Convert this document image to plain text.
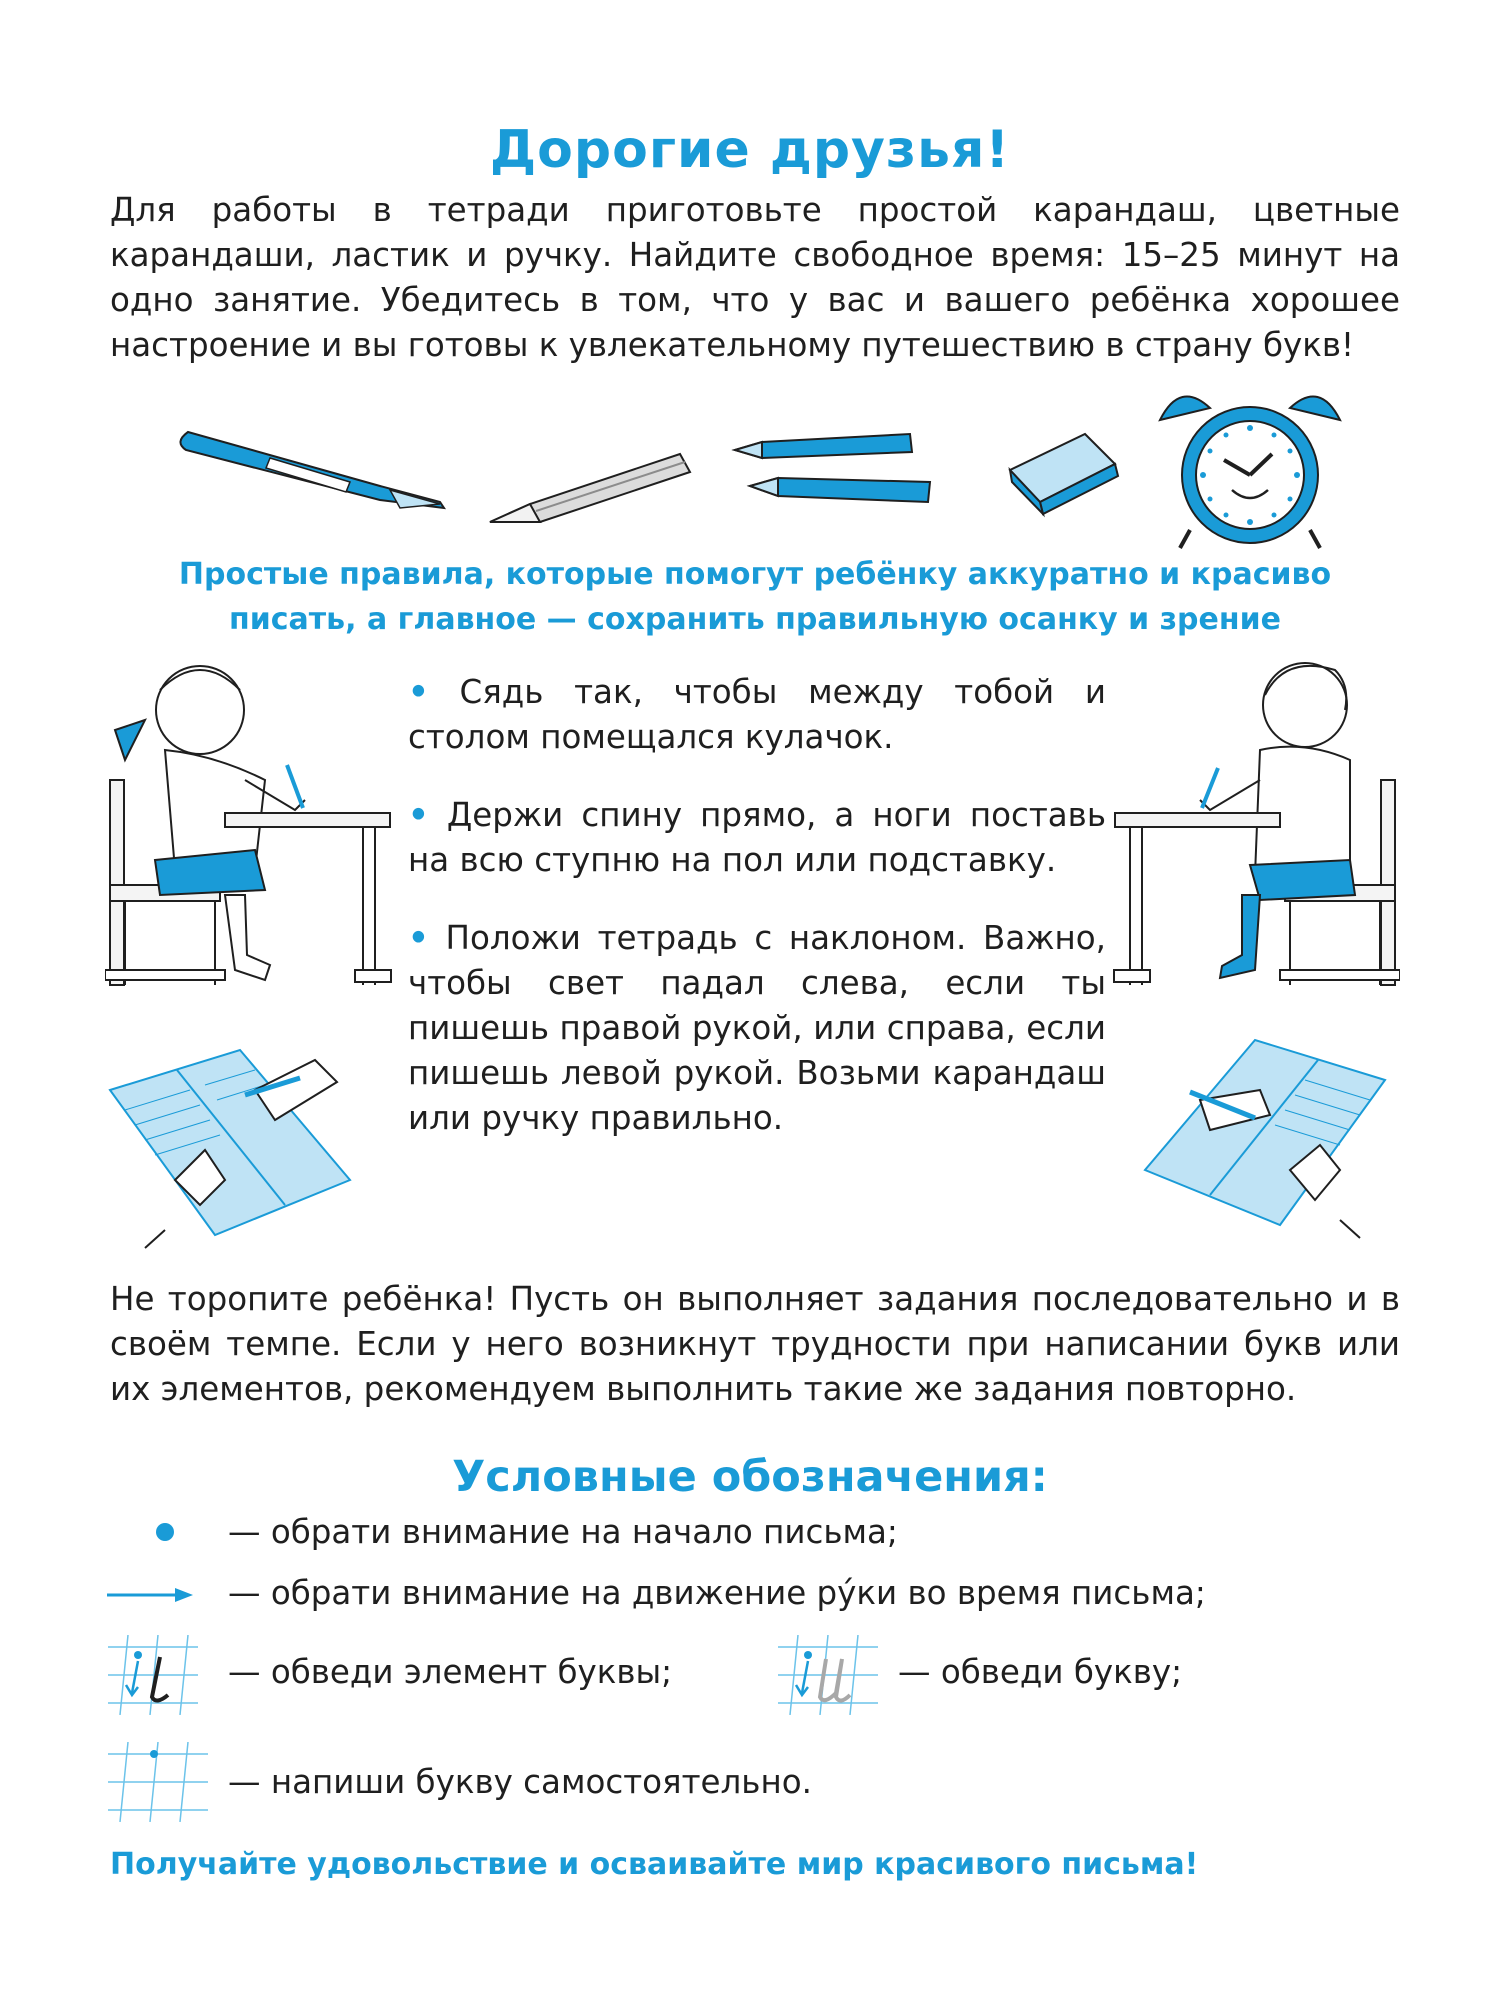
Дорогие друзья!
Для работы в тетради приготовьте простой карандаш, цветные карандаши, ластик и ручку. Найдите свободное время: 15–25 минут на одно занятие. Убедитесь в том, что у вас и вашего ребёнка хорошее настроение и вы готовы к увлекательному путешествию в страну букв!
Простые правила, которые помогут ребёнку аккуратно и красиво
писать, а главное — сохранить правильную осанку и зрение
• Сядь так, чтобы между тобой и столом помещался кулачок.
• Держи спину прямо, а ноги поставь на всю ступню на пол или подставку.
• Положи тетрадь с наклоном. Важно, чтобы свет падал слева, если ты пишешь правой рукой, или справа, если пишешь левой рукой. Возьми карандаш или ручку правильно.
Не торопите ребёнка! Пусть он выполняет задания последовательно и в своём темпе. Если у него возникнут трудности при написании букв или их элементов, рекомендуем выполнить такие же задания повторно.
Условные обозначения:
— обрати внимание на начало письма;
— обрати внимание на движение ру́ки во время письма;
— обведи элемент буквы;	— обведи букву;
— напиши букву самостоятельно.
Получайте удовольствие и осваивайте мир красивого письма!
